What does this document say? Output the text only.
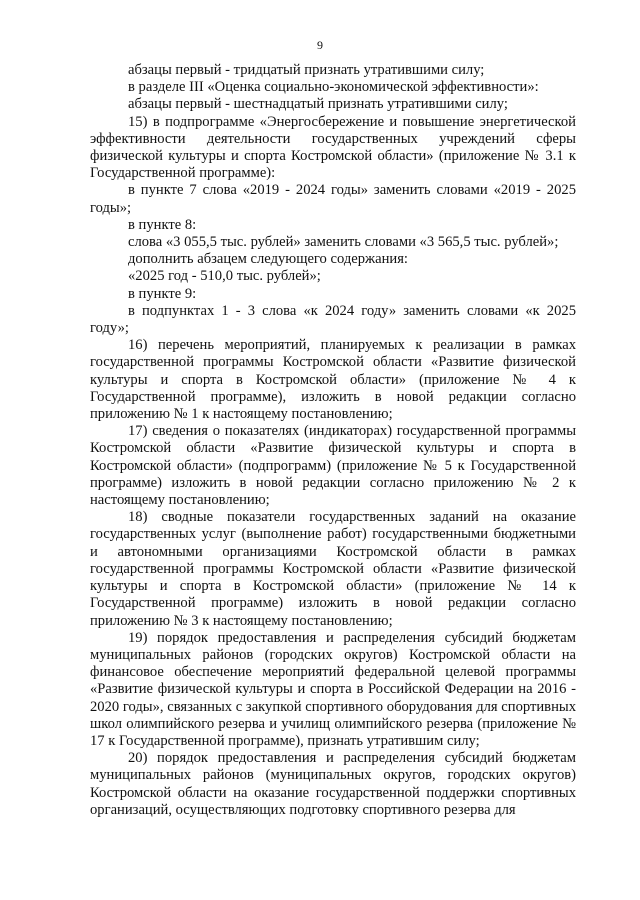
9

абзацы первый - тридцатый признать утратившими силу;

в разделе III «Оценка социально-экономической эффективности»:

абзацы первый - шестнадцатый признать утратившими силу;

15) в подпрограмме «Энергосбережение и повышение энергетической эффективности деятельности государственных учреждений сферы физической культуры и спорта Костромской области» (приложение № 3.1 к Государственной программе):

в пункте 7 слова «2019 - 2024 годы» заменить словами «2019 - 2025 годы»;

в пункте 8:

слова «3 055,5 тыс. рублей» заменить словами «3 565,5 тыс. рублей»;

дополнить абзацем следующего содержания:

«2025 год - 510,0 тыс. рублей»;

в пункте 9:

в подпунктах 1 - 3 слова «к 2024 году» заменить словами «к 2025 году»;

16) перечень мероприятий, планируемых к реализации в рамках государственной программы Костромской области «Развитие физической культуры и спорта в Костромской области» (приложение № 4 к Государственной программе), изложить в новой редакции согласно приложению № 1 к настоящему постановлению;

17) сведения о показателях (индикаторах) государственной программы Костромской области «Развитие физической культуры и спорта в Костромской области» (подпрограмм) (приложение № 5 к Государственной программе) изложить в новой редакции согласно приложению № 2 к настоящему постановлению;

18) сводные показатели государственных заданий на оказание государственных услуг (выполнение работ) государственными бюджетными и автономными организациями Костромской области в рамках государственной программы Костромской области «Развитие физической культуры и спорта в Костромской области» (приложение № 14 к Государственной программе) изложить в новой редакции согласно приложению № 3 к настоящему постановлению;

19) порядок предоставления и распределения субсидий бюджетам муниципальных районов (городских округов) Костромской области на финансовое обеспечение мероприятий федеральной целевой программы «Развитие физической культуры и спорта в Российской Федерации на 2016 - 2020 годы», связанных с закупкой спортивного оборудования для спортивных школ олимпийского резерва и училищ олимпийского резерва (приложение № 17 к Государственной программе), признать утратившим силу;

20) порядок предоставления и распределения субсидий бюджетам муниципальных районов (муниципальных округов, городских округов) Костромской области на оказание государственной поддержки спортивных организаций, осуществляющих подготовку спортивного резерва для
